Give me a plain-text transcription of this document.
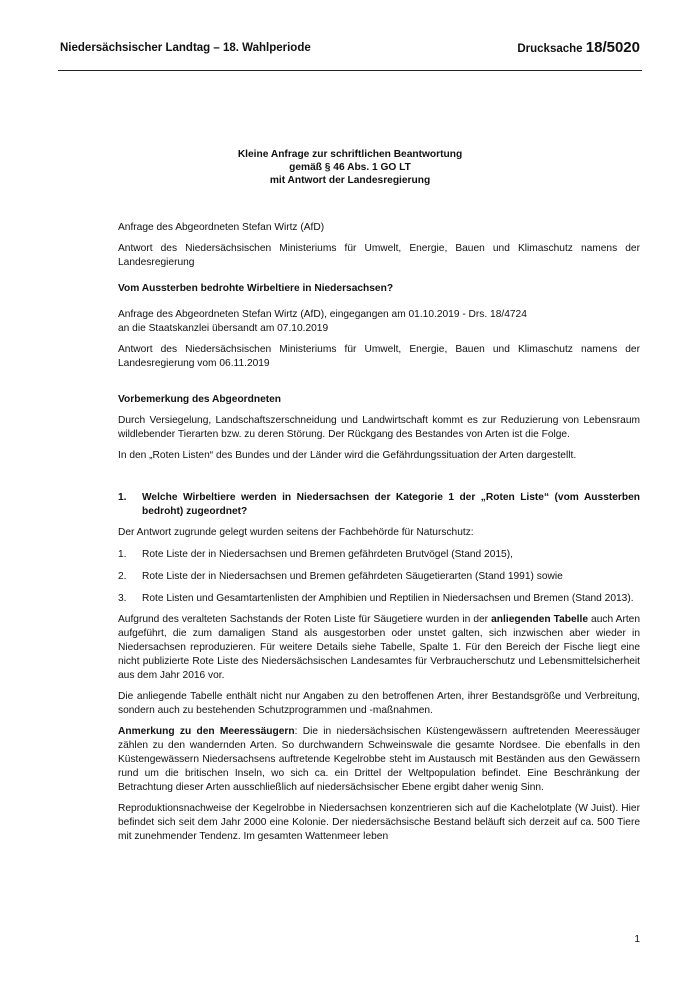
Niedersächsischer Landtag – 18. Wahlperiode	Drucksache 18/5020
Kleine Anfrage zur schriftlichen Beantwortung
gemäß § 46 Abs. 1 GO LT
mit Antwort der Landesregierung

Anfrage des Abgeordneten Stefan Wirtz (AfD)

Antwort des Niedersächsischen Ministeriums für Umwelt, Energie, Bauen und Klimaschutz namens der Landesregierung

Vom Aussterben bedrohte Wirbeltiere in Niedersachsen?

Anfrage des Abgeordneten Stefan Wirtz (AfD), eingegangen am 01.10.2019 - Drs. 18/4724
an die Staatskanzlei übersandt am 07.10.2019

Antwort des Niedersächsischen Ministeriums für Umwelt, Energie, Bauen und Klimaschutz namens der Landesregierung vom 06.11.2019

Vorbemerkung des Abgeordneten

Durch Versiegelung, Landschaftszerschneidung und Landwirtschaft kommt es zur Reduzierung von Lebensraum wildlebender Tierarten bzw. zu deren Störung. Der Rückgang des Bestandes von Arten ist die Folge.

In den „Roten Listen“ des Bundes und der Länder wird die Gefährdungssituation der Arten dargestellt.

1.	Welche Wirbeltiere werden in Niedersachsen der Kategorie 1 der „Roten Liste“ (vom Aussterben bedroht) zugeordnet?

Der Antwort zugrunde gelegt wurden seitens der Fachbehörde für Naturschutz:

1.	Rote Liste der in Niedersachsen und Bremen gefährdeten Brutvögel (Stand 2015),
2.	Rote Liste der in Niedersachsen und Bremen gefährdeten Säugetierarten (Stand 1991) sowie
3.	Rote Listen und Gesamtartenlisten der Amphibien und Reptilien in Niedersachsen und Bremen (Stand 2013).

Aufgrund des veralteten Sachstands der Roten Liste für Säugetiere wurden in der anliegenden Tabelle auch Arten aufgeführt, die zum damaligen Stand als ausgestorben oder unstet galten, sich inzwischen aber wieder in Niedersachsen reproduzieren. Für weitere Details siehe Tabelle, Spalte 1. Für den Bereich der Fische liegt eine nicht publizierte Rote Liste des Niedersächsischen Landesamtes für Verbraucherschutz und Lebensmittelsicherheit aus dem Jahr 2016 vor.

Die anliegende Tabelle enthält nicht nur Angaben zu den betroffenen Arten, ihrer Bestandsgröße und Verbreitung, sondern auch zu bestehenden Schutzprogrammen und -maßnahmen.

Anmerkung zu den Meeressäugern: Die in niedersächsischen Küstengewässern auftretenden Meeressäuger zählen zu den wandernden Arten. So durchwandern Schweinswale die gesamte Nordsee. Die ebenfalls in den Küstengewässern Niedersachsens auftretende Kegelrobbe steht im Austausch mit Beständen aus den Gewässern rund um die britischen Inseln, wo sich ca. ein Drittel der Weltpopulation befindet. Eine Beschränkung der Betrachtung dieser Arten ausschließlich auf niedersächsischer Ebene ergibt daher wenig Sinn.

Reproduktionsnachweise der Kegelrobbe in Niedersachsen konzentrieren sich auf die Kachelotplate (W Juist). Hier befindet sich seit dem Jahr 2000 eine Kolonie. Der niedersächsische Bestand beläuft sich derzeit auf ca. 500 Tiere mit zunehmender Tendenz. Im gesamten Wattenmeer leben

1
